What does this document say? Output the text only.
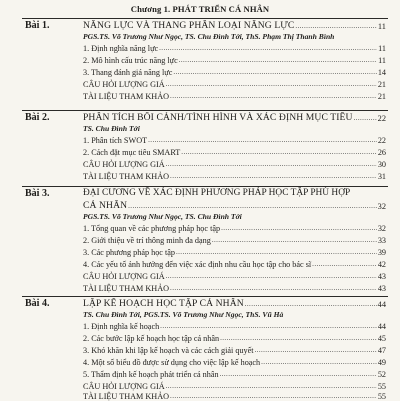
Chương 1. PHÁT TRIỂN CÁ NHÂN
Bài 1.	NĂNG LỰC VÀ THANG PHÂN LOẠI NĂNG LỰC .....	11
PGS.TS. Võ Trương Như Ngọc, TS. Chu Đình Tới, ThS. Phạm Thị Thanh Bình
1. Định nghĩa năng lực .....	11
2. Mô hình cấu trúc năng lực .....	11
3. Thang đánh giá năng lực .....	14
CÂU HỎI LƯỢNG GIÁ .....	21
TÀI LIỆU THAM KHẢO .....	21
Bài 2.	PHÂN TÍCH BỐI CẢNH/TÌNH HÌNH VÀ XÁC ĐỊNH MỤC TIÊU .....	22
TS. Chu Đình Tới
1. Phân tích SWOT .....	22
2. Cách đặt mục tiêu SMART .....	26
CÂU HỎI LƯỢNG GIÁ .....	30
TÀI LIỆU THAM KHẢO .....	31
Bài 3.	ĐẠI CƯƠNG VỀ XÁC ĐỊNH PHƯƠNG PHÁP HỌC TẬP PHÙ HỢP
CÁ NHÂN .....	32
PGS.TS. Võ Trương Như Ngọc, TS. Chu Đình Tới
1. Tổng quan về các phương pháp học tập .....	32
2. Giới thiệu về trí thông minh đa dạng .....	33
3. Các phương pháp học tập .....	39
4. Các yếu tố ảnh hưởng đến việc xác định nhu cầu học tập cho bác sĩ .....	42
CÂU HỎI LƯỢNG GIÁ .....	43
TÀI LIỆU THAM KHẢO .....	43
Bài 4.	LẬP KẾ HOẠCH HỌC TẬP CÁ NHÂN .....	44
TS. Chu Đình Tới, PGS.TS. Võ Trương Như Ngọc, ThS. Vũ Hà
1. Định nghĩa kế hoạch .....	44
2. Các bước lập kế hoạch học tập cá nhân .....	45
3. Khó khăn khi lập kế hoạch và các cách giải quyết .....	47
4. Một số biểu đồ được sử dụng cho việc lập kế hoạch .....	49
5. Thẩm định kế hoạch phát triển cá nhân .....	52
CÂU HỎI LƯỢNG GIÁ .....	55
TÀI LIỆU THAM KHẢO .....	55
